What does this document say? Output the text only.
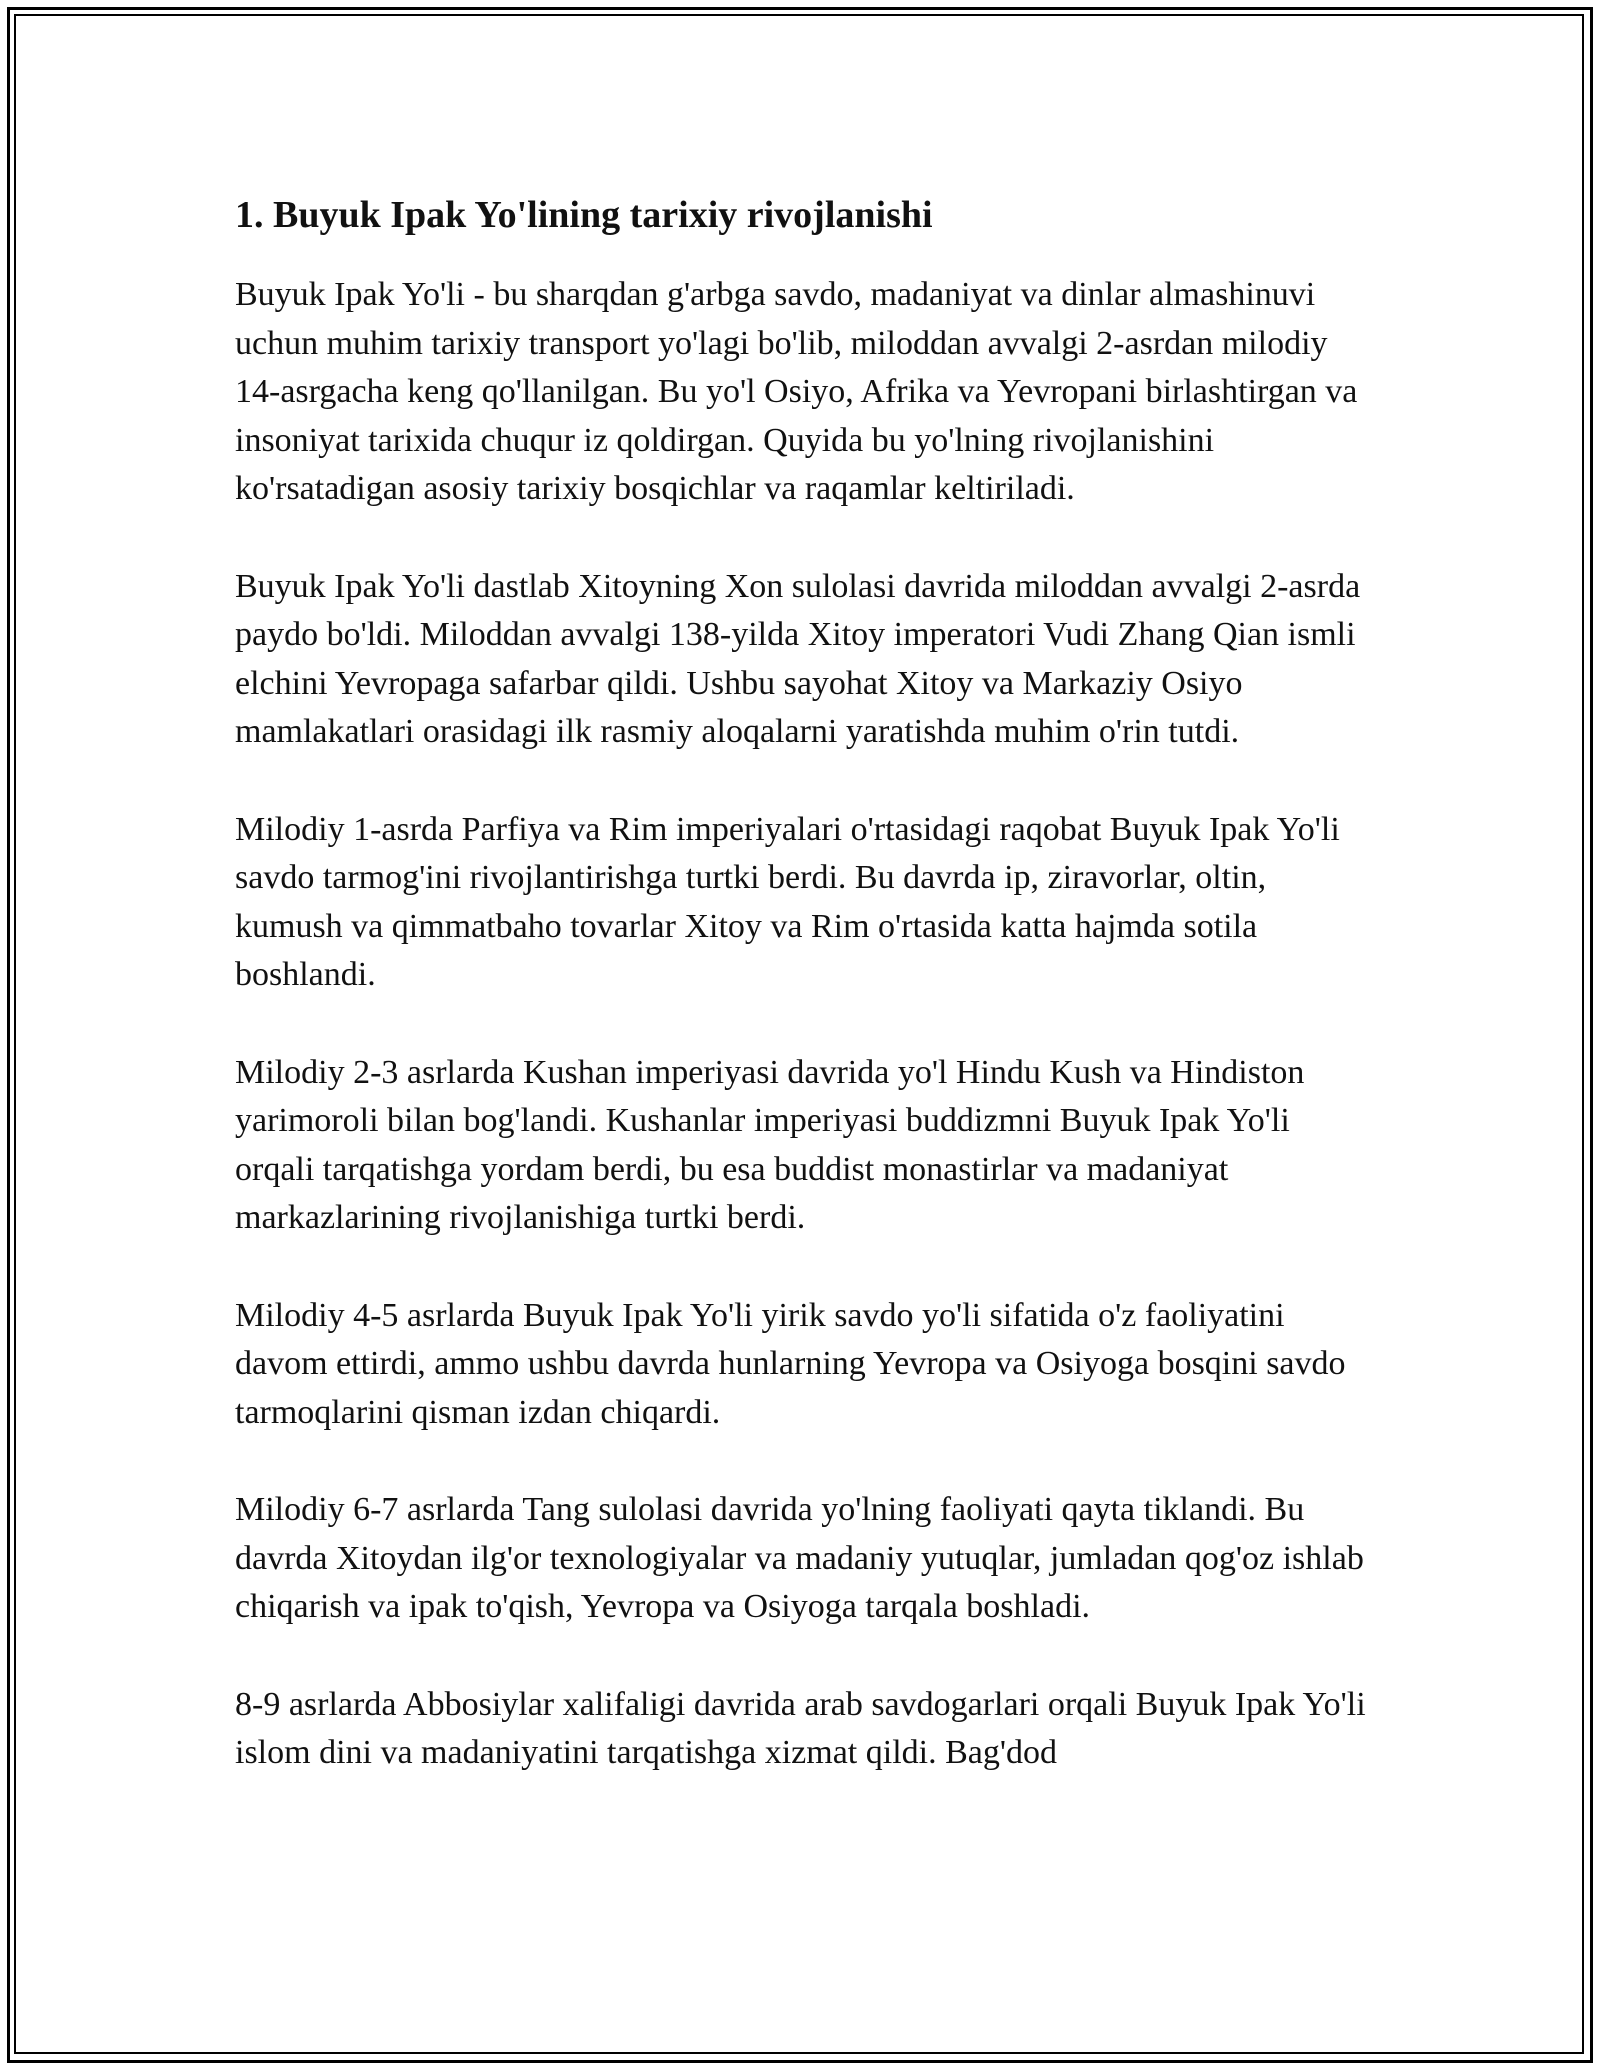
1. Buyuk Ipak Yo'lining tarixiy rivojlanishi

Buyuk Ipak Yo'li - bu sharqdan g'arbga savdo, madaniyat va dinlar almashinuvi uchun muhim tarixiy transport yo'lagi bo'lib, miloddan avvalgi 2-asrdan milodiy 14-asrgacha keng qo'llanilgan. Bu yo'l Osiyo, Afrika va Yevropani birlashtirgan va insoniyat tarixida chuqur iz qoldirgan. Quyida bu yo'lning rivojlanishini ko'rsatadigan asosiy tarixiy bosqichlar va raqamlar keltiriladi.

Buyuk Ipak Yo'li dastlab Xitoyning Xon sulolasi davrida miloddan avvalgi 2-asrda paydo bo'ldi. Miloddan avvalgi 138-yilda Xitoy imperatori Vudi Zhang Qian ismli elchini Yevropaga safarbar qildi. Ushbu sayohat Xitoy va Markaziy Osiyo mamlakatlari orasidagi ilk rasmiy aloqalarni yaratishda muhim o'rin tutdi.

Milodiy 1-asrda Parfiya va Rim imperiyalari o'rtasidagi raqobat Buyuk Ipak Yo'li savdo tarmog'ini rivojlantirishga turtki berdi. Bu davrda ip, ziravorlar, oltin, kumush va qimmatbaho tovarlar Xitoy va Rim o'rtasida katta hajmda sotila boshlandi.

Milodiy 2-3 asrlarda Kushan imperiyasi davrida yo'l Hindu Kush va Hindiston yarimoroli bilan bog'landi. Kushanlar imperiyasi buddizmni Buyuk Ipak Yo'li orqali tarqatishga yordam berdi, bu esa buddist monastirlar va madaniyat markazlarining rivojlanishiga turtki berdi.

Milodiy 4-5 asrlarda Buyuk Ipak Yo'li yirik savdo yo'li sifatida o'z faoliyatini davom ettirdi, ammo ushbu davrda hunlarning Yevropa va Osiyoga bosqini savdo tarmoqlarini qisman izdan chiqardi.

Milodiy 6-7 asrlarda Tang sulolasi davrida yo'lning faoliyati qayta tiklandi. Bu davrda Xitoydan ilg'or texnologiyalar va madaniy yutuqlar, jumladan qog'oz ishlab chiqarish va ipak to'qish, Yevropa va Osiyoga tarqala boshladi.

8-9 asrlarda Abbosiylar xalifaligi davrida arab savdogarlari orqali Buyuk Ipak Yo'li islom dini va madaniyatini tarqatishga xizmat qildi. Bag'dod
